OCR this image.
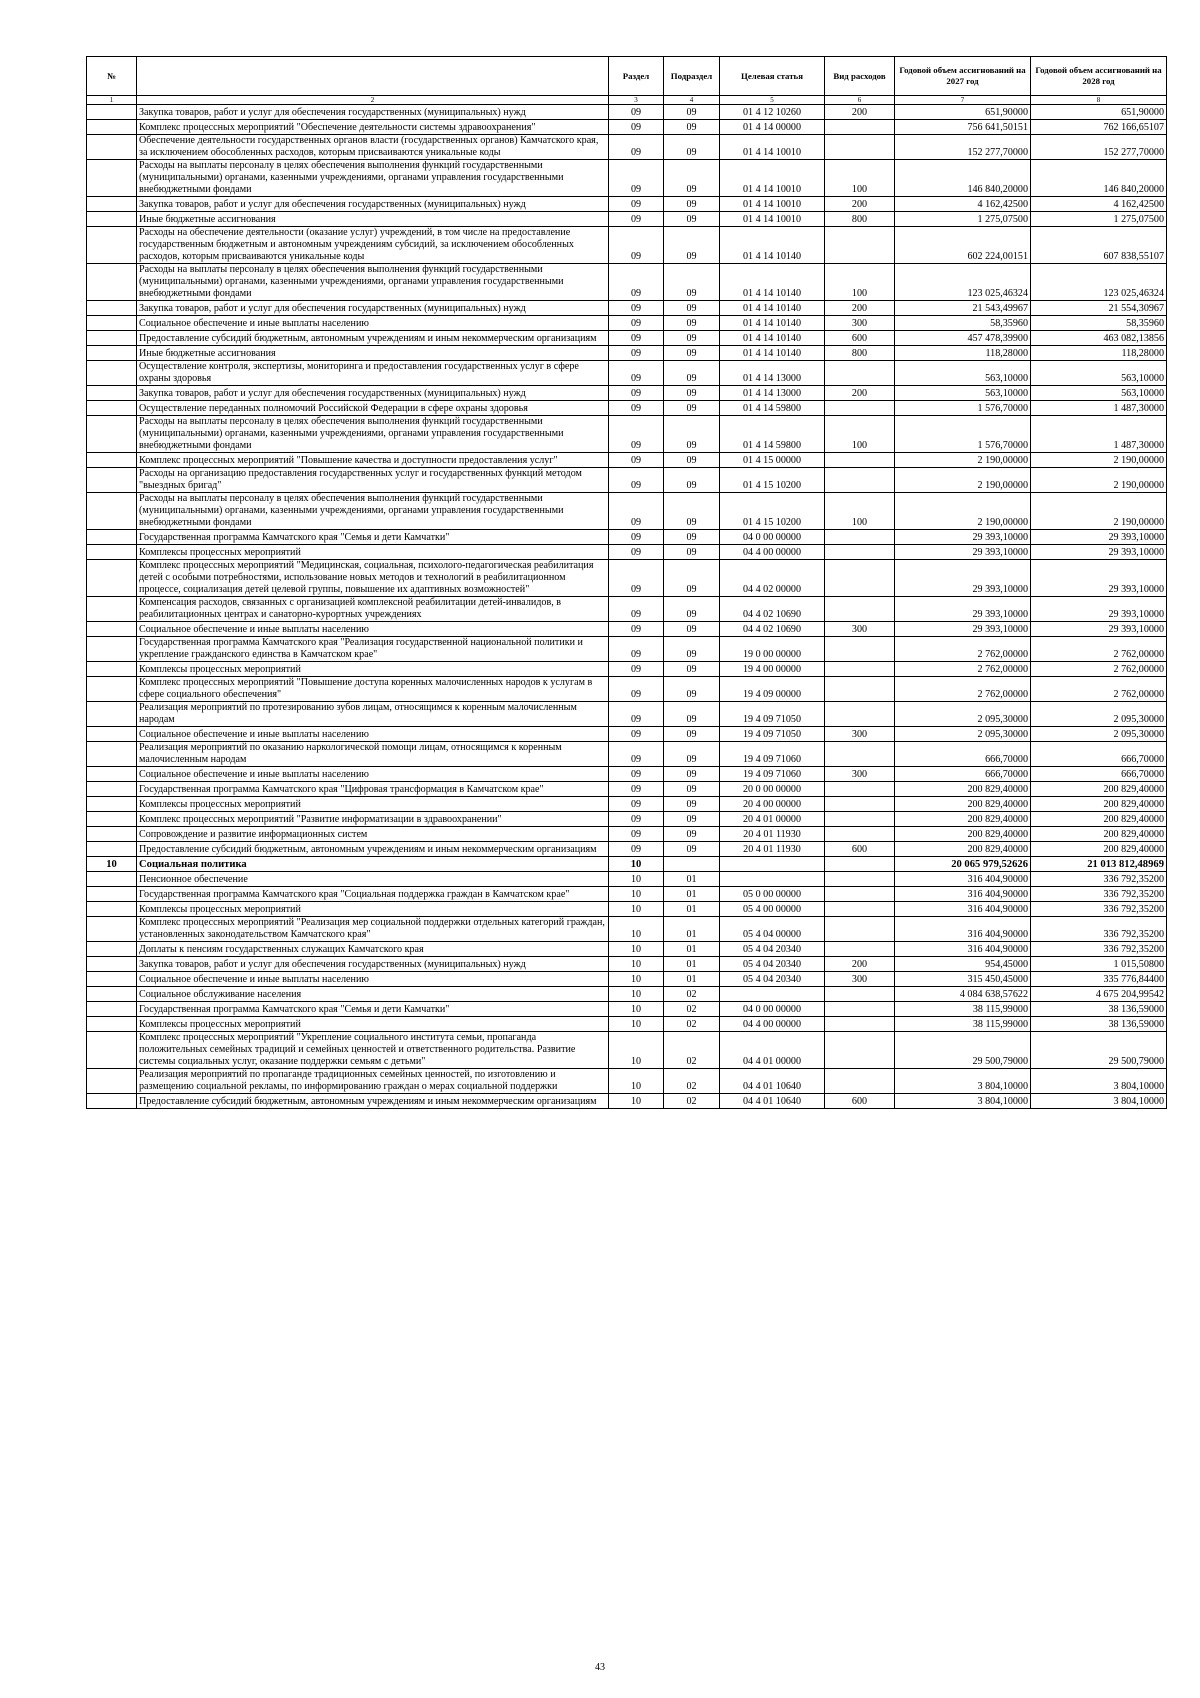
№		Раздел	Подраздел	Целевая статья	Вид расходов	Годовой объем ассигнований на 2027 год	Годовой объем ассигнований на 2028 год
1	2	3	4	5	6	7	8
	Закупка товаров, работ и услуг для обеспечения государственных (муниципальных) нужд	09	09	01 4 12 10260	200	651,90000	651,90000
	Комплекс процессных мероприятий "Обеспечение деятельности системы здравоохранения"	09	09	01 4 14 00000		756 641,50151	762 166,65107
	Обеспечение деятельности государственных органов власти (государственных органов) Камчатского края, за исключением обособленных расходов, которым присваиваются уникальные коды	09	09	01 4 14 10010		152 277,70000	152 277,70000
	Расходы на выплаты персоналу в целях обеспечения выполнения функций государственными (муниципальными) органами, казенными учреждениями, органами управления государственными внебюджетными фондами	09	09	01 4 14 10010	100	146 840,20000	146 840,20000
	Закупка товаров, работ и услуг для обеспечения государственных (муниципальных) нужд	09	09	01 4 14 10010	200	4 162,42500	4 162,42500
	Иные бюджетные ассигнования	09	09	01 4 14 10010	800	1 275,07500	1 275,07500
	Расходы на обеспечение деятельности (оказание услуг) учреждений, в том числе на предоставление государственным бюджетным и автономным учреждениям субсидий, за исключением обособленных расходов, которым присваиваются уникальные коды	09	09	01 4 14 10140		602 224,00151	607 838,55107
	Расходы на выплаты персоналу в целях обеспечения выполнения функций государственными (муниципальными) органами, казенными учреждениями, органами управления государственными внебюджетными фондами	09	09	01 4 14 10140	100	123 025,46324	123 025,46324
	Закупка товаров, работ и услуг для обеспечения государственных (муниципальных) нужд	09	09	01 4 14 10140	200	21 543,49967	21 554,30967
	Социальное обеспечение и иные выплаты населению	09	09	01 4 14 10140	300	58,35960	58,35960
	Предоставление субсидий бюджетным, автономным учреждениям и иным некоммерческим организациям	09	09	01 4 14 10140	600	457 478,39900	463 082,13856
	Иные бюджетные ассигнования	09	09	01 4 14 10140	800	118,28000	118,28000
	Осуществление контроля, экспертизы, мониторинга и предоставления государственных услуг в сфере охраны здоровья	09	09	01 4 14 13000		563,10000	563,10000
	Закупка товаров, работ и услуг для обеспечения государственных (муниципальных) нужд	09	09	01 4 14 13000	200	563,10000	563,10000
	Осуществление переданных полномочий Российской Федерации в сфере охраны здоровья	09	09	01 4 14 59800		1 576,70000	1 487,30000
	Расходы на выплаты персоналу в целях обеспечения выполнения функций государственными (муниципальными) органами, казенными учреждениями, органами управления государственными внебюджетными фондами	09	09	01 4 14 59800	100	1 576,70000	1 487,30000
	Комплекс процессных мероприятий "Повышение качества и доступности предоставления услуг"	09	09	01 4 15 00000		2 190,00000	2 190,00000
	Расходы на организацию предоставления государственных услуг и государственных функций методом "выездных бригад"	09	09	01 4 15 10200		2 190,00000	2 190,00000
	Расходы на выплаты персоналу в целях обеспечения выполнения функций государственными (муниципальными) органами, казенными учреждениями, органами управления государственными внебюджетными фондами	09	09	01 4 15 10200	100	2 190,00000	2 190,00000
	Государственная программа Камчатского края "Семья и дети Камчатки"	09	09	04 0 00 00000		29 393,10000	29 393,10000
	Комплексы процессных мероприятий	09	09	04 4 00 00000		29 393,10000	29 393,10000
	Комплекс процессных мероприятий "Медицинская, социальная, психолого-педагогическая реабилитация детей с особыми потребностями, использование новых методов и технологий в реабилитационном процессе, социализация детей целевой группы, повышение их адаптивных возможностей"	09	09	04 4 02 00000		29 393,10000	29 393,10000
	Компенсация расходов, связанных с организацией комплексной реабилитации детей-инвалидов, в реабилитационных центрах и санаторно-курортных учреждениях	09	09	04 4 02 10690		29 393,10000	29 393,10000
	Социальное обеспечение и иные выплаты населению	09	09	04 4 02 10690	300	29 393,10000	29 393,10000
	Государственная программа Камчатского края "Реализация государственной национальной политики и укрепление гражданского единства в Камчатском крае"	09	09	19 0 00 00000		2 762,00000	2 762,00000
	Комплексы процессных мероприятий	09	09	19 4 00 00000		2 762,00000	2 762,00000
	Комплекс процессных мероприятий "Повышение доступа коренных малочисленных народов к услугам в сфере социального обеспечения"	09	09	19 4 09 00000		2 762,00000	2 762,00000
	Реализация мероприятий по протезированию зубов лицам, относящимся к коренным малочисленным народам	09	09	19 4 09 71050		2 095,30000	2 095,30000
	Социальное обеспечение и иные выплаты населению	09	09	19 4 09 71050	300	2 095,30000	2 095,30000
	Реализация мероприятий по оказанию наркологической помощи лицам, относящимся к коренным малочисленным народам	09	09	19 4 09 71060		666,70000	666,70000
	Социальное обеспечение и иные выплаты населению	09	09	19 4 09 71060	300	666,70000	666,70000
	Государственная программа Камчатского края "Цифровая трансформация в Камчатском крае"	09	09	20 0 00 00000		200 829,40000	200 829,40000
	Комплексы процессных мероприятий	09	09	20 4 00 00000		200 829,40000	200 829,40000
	Комплекс процессных мероприятий "Развитие информатизации в здравоохранении"	09	09	20 4 01 00000		200 829,40000	200 829,40000
	Сопровождение и развитие информационных систем	09	09	20 4 01 11930		200 829,40000	200 829,40000
	Предоставление субсидий бюджетным, автономным учреждениям и иным некоммерческим организациям	09	09	20 4 01 11930	600	200 829,40000	200 829,40000
10	Социальная политика	10				20 065 979,52626	21 013 812,48969
	Пенсионное обеспечение	10	01			316 404,90000	336 792,35200
	Государственная программа Камчатского края "Социальная поддержка граждан в Камчатском крае"	10	01	05 0 00 00000		316 404,90000	336 792,35200
	Комплексы процессных мероприятий	10	01	05 4 00 00000		316 404,90000	336 792,35200
	Комплекс процессных мероприятий "Реализация мер социальной поддержки отдельных категорий граждан, установленных законодательством Камчатского края"	10	01	05 4 04 00000		316 404,90000	336 792,35200
	Доплаты к пенсиям государственных служащих Камчатского края	10	01	05 4 04 20340		316 404,90000	336 792,35200
	Закупка товаров, работ и услуг для обеспечения государственных (муниципальных) нужд	10	01	05 4 04 20340	200	954,45000	1 015,50800
	Социальное обеспечение и иные выплаты населению	10	01	05 4 04 20340	300	315 450,45000	335 776,84400
	Социальное обслуживание населения	10	02			4 084 638,57622	4 675 204,99542
	Государственная программа Камчатского края "Семья и дети Камчатки"	10	02	04 0 00 00000		38 115,99000	38 136,59000
	Комплексы процессных мероприятий	10	02	04 4 00 00000		38 115,99000	38 136,59000
	Комплекс процессных мероприятий "Укрепление социального института семьи, пропаганда положительных семейных традиций и семейных ценностей и ответственного родительства. Развитие системы социальных услуг, оказание поддержки семьям с детьми"	10	02	04 4 01 00000		29 500,79000	29 500,79000
	Реализация мероприятий по пропаганде традиционных семейных ценностей, по изготовлению и размещению социальной рекламы, по информированию граждан о мерах социальной поддержки	10	02	04 4 01 10640		3 804,10000	3 804,10000
	Предоставление субсидий бюджетным, автономным учреждениям и иным некоммерческим организациям	10	02	04 4 01 10640	600	3 804,10000	3 804,10000
43
